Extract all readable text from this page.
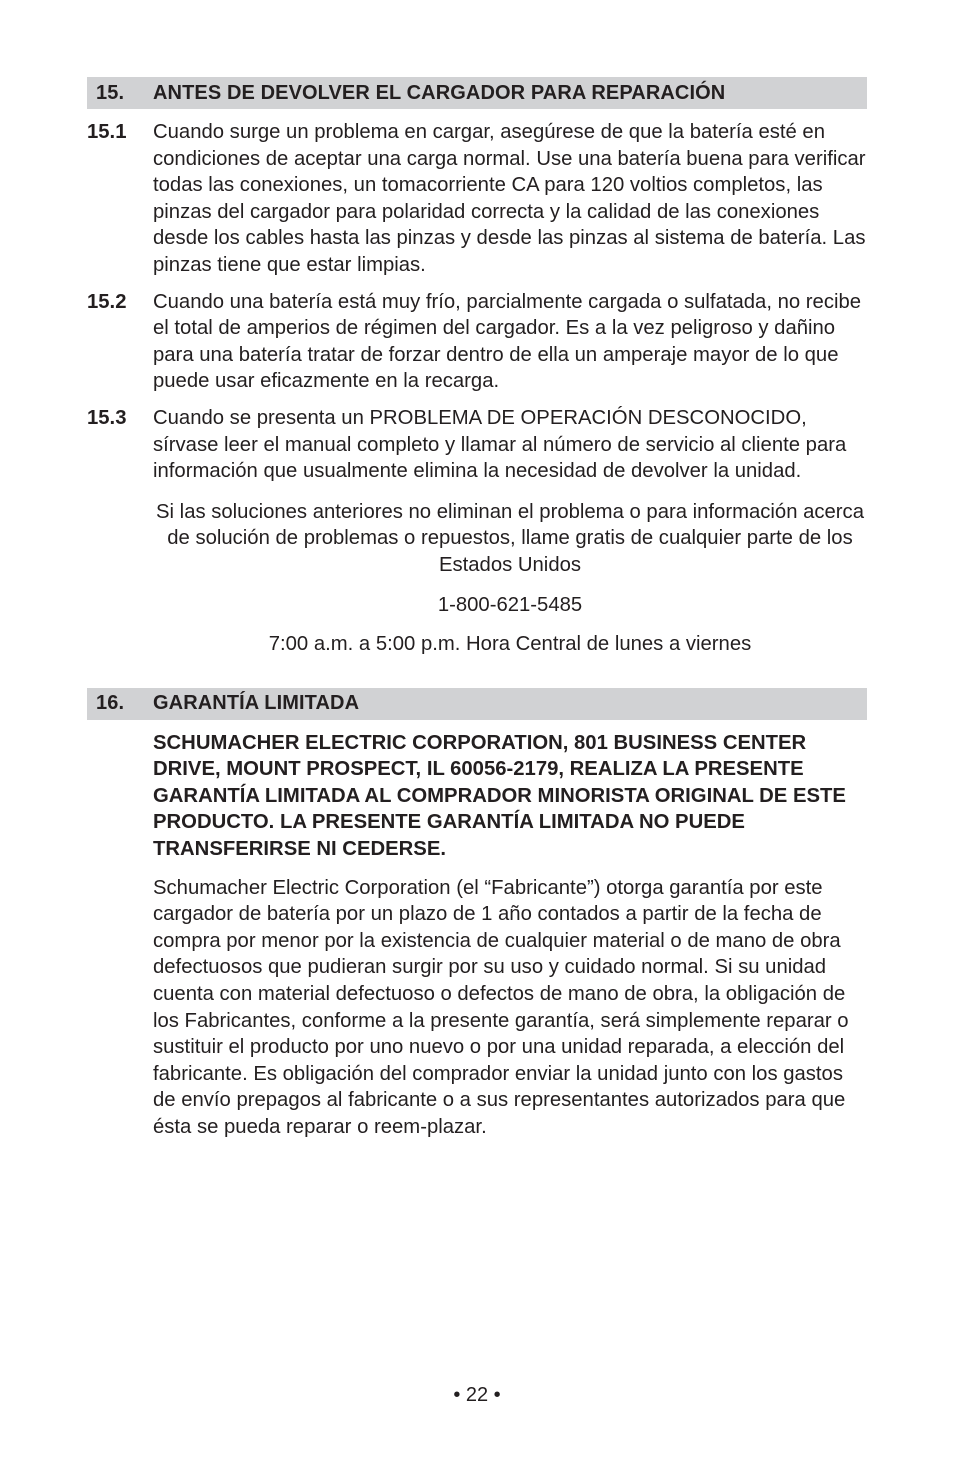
15.	ANTES DE DEVOLVER EL CARGADOR PARA REPARACIÓN
15.1	Cuando surge un problema en cargar, asegúrese de que la batería esté en condiciones de aceptar una carga normal. Use una batería buena para verificar todas las conexiones, un tomacorriente CA para 120 voltios completos, las pinzas del cargador para polaridad correcta y la calidad de las conexiones desde los cables hasta las pinzas y desde las pinzas al sistema de batería. Las pinzas tiene que estar limpias.
15.2	Cuando una batería está muy frío, parcialmente cargada o sulfatada, no recibe el total de amperios de régimen del cargador. Es a la vez peligroso y dañino para una batería tratar de forzar dentro de ella un amperaje mayor de lo que puede usar eficazmente en la recarga.
15.3	Cuando se presenta un PROBLEMA DE OPERACIÓN DESCONOCIDO, sírvase leer el manual completo y llamar al número de servicio al cliente para información que usualmente elimina la necesidad de devolver la unidad.
Si las soluciones anteriores no eliminan el problema o para información acerca de solución de problemas o repuestos, llame gratis de cualquier parte de los Estados Unidos
1-800-621-5485
7:00 a.m. a 5:00 p.m. Hora Central de lunes a viernes
16.	GARANTÍA LIMITADA
SCHUMACHER ELECTRIC CORPORATION, 801 BUSINESS CENTER DRIVE, MOUNT PROSPECT, IL 60056-2179, REALIZA LA PRESENTE GARANTÍA LIMITADA AL COMPRADOR MINORISTA ORIGINAL DE ESTE PRODUCTO. LA PRESENTE GARANTÍA LIMITADA NO PUEDE TRANSFERIRSE NI CEDERSE.
Schumacher Electric Corporation (el “Fabricante”) otorga garantía por este cargador de batería por un plazo de 1 año contados a partir de la fecha de compra por menor por la existencia de cualquier material o de mano de obra defectuosos que pudieran surgir por su uso y cuidado normal. Si su unidad cuenta con material defectuoso o defectos de mano de obra, la obligación de los Fabricantes, conforme a la presente garantía, será simplemente reparar o sustituir el producto por uno nuevo o por una unidad reparada, a elección del fabricante. Es obligación del comprador enviar la unidad junto con los gastos de envío prepagos al fabricante o a sus representantes autorizados para que ésta se pueda reparar o reem-plazar.
• 22 •
